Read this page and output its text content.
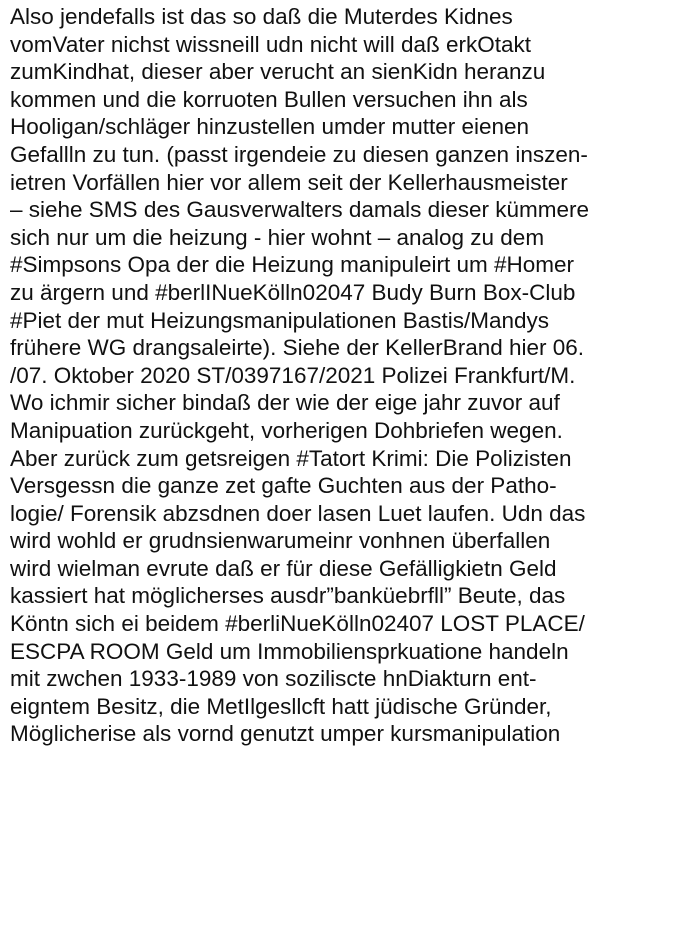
Also jendefalls ist das so daß die Muterdes Kidnes
vomVater nichst wissneill udn nicht will daß erkOtakt
zumKindhat, dieser aber verucht an sienKidn heranzu
kommen und die korruoten Bullen versuchen ihn als
Hooligan/schläger hinzustellen umder mutter eienen
Gefallln zu tun. (passt irgendeie zu diesen ganzen inszen-
ietren Vorfällen hier vor allem seit der Kellerhausmeister
– siehe SMS des Gausverwalters damals dieser kümmere
sich nur um die heizung - hier wohnt – analog zu dem
#Simpsons Opa der die Heizung manipuleirt um #Homer
zu ärgern und #berlINueKölln02047 Budy Burn Box-Club
#Piet der mut Heizungsmanipulationen Bastis/Mandys
frühere WG drangsaleirte). Siehe der KellerBrand hier 06.
/07. Oktober 2020 ST/0397167/2021 Polizei Frankfurt/M.
Wo ichmir sicher bindaß der wie der eige jahr zuvor auf
Manipuation zurückgeht, vorherigen Dohbriefen wegen.
Aber zurück zum getsreigen #Tatort Krimi: Die Polizisten
Versgessn die ganze zet gafte Guchten aus der Patho-
logie/ Forensik abzsdnen doer lasen Luet laufen. Udn das
wird wohld er grudnsienwarumeinr vonhnen überfallen
wird wielman evrute daß er für diese Gefälligkietn Geld
kassiert hat möglicherses ausdr”banküebrfll” Beute, das
Köntn sich ei beidem #berliNueKölln02407 LOST PLACE/
ESCPA ROOM Geld um Immobiliensprkuatione handeln
mit zwchen 1933-1989 von soziliscte hnDiakturn ent-
eigntem Besitz, die MetIlgesllcft hatt jüdische Gründer,
Möglicherise als vornd genutzt umper kursmanipulation
